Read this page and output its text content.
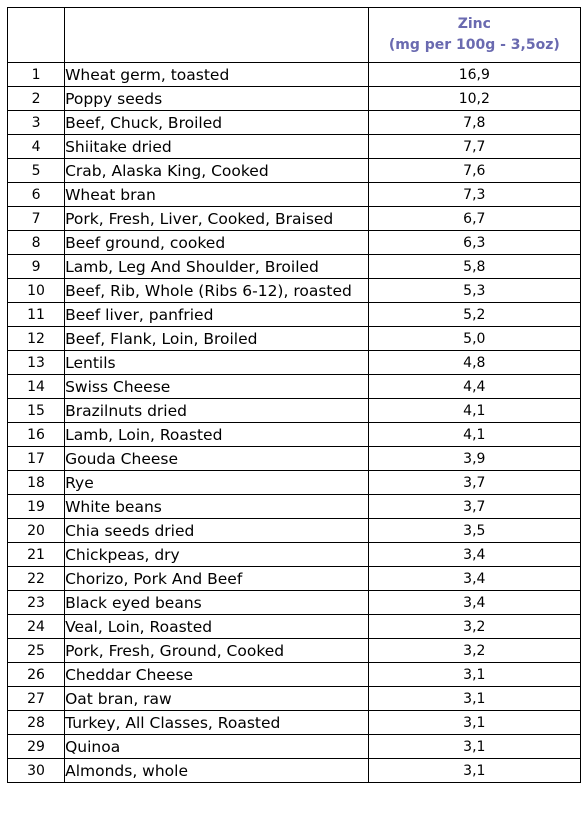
		Zinc
(mg per 100g - 3,5oz)

1	Wheat germ, toasted	16,9
2	Poppy seeds	10,2
3	Beef, Chuck, Broiled	7,8
4	Shiitake dried	7,7
5	Crab, Alaska King, Cooked	7,6
6	Wheat bran	7,3
7	Pork, Fresh, Liver, Cooked, Braised	6,7
8	Beef ground, cooked	6,3
9	Lamb, Leg And Shoulder, Broiled	5,8
10	Beef, Rib, Whole (Ribs 6-12), roasted	5,3
11	Beef liver, panfried	5,2
12	Beef, Flank, Loin, Broiled	5,0
13	Lentils	4,8
14	Swiss Cheese	4,4
15	Brazilnuts dried	4,1
16	Lamb, Loin, Roasted	4,1
17	Gouda Cheese	3,9
18	Rye	3,7
19	White beans	3,7
20	Chia seeds dried	3,5
21	Chickpeas, dry	3,4
22	Chorizo, Pork And Beef	3,4
23	Black eyed beans	3,4
24	Veal, Loin, Roasted	3,2
25	Pork, Fresh, Ground, Cooked	3,2
26	Cheddar Cheese	3,1
27	Oat bran, raw	3,1
28	Turkey, All Classes, Roasted	3,1
29	Quinoa	3,1
30	Almonds, whole	3,1
